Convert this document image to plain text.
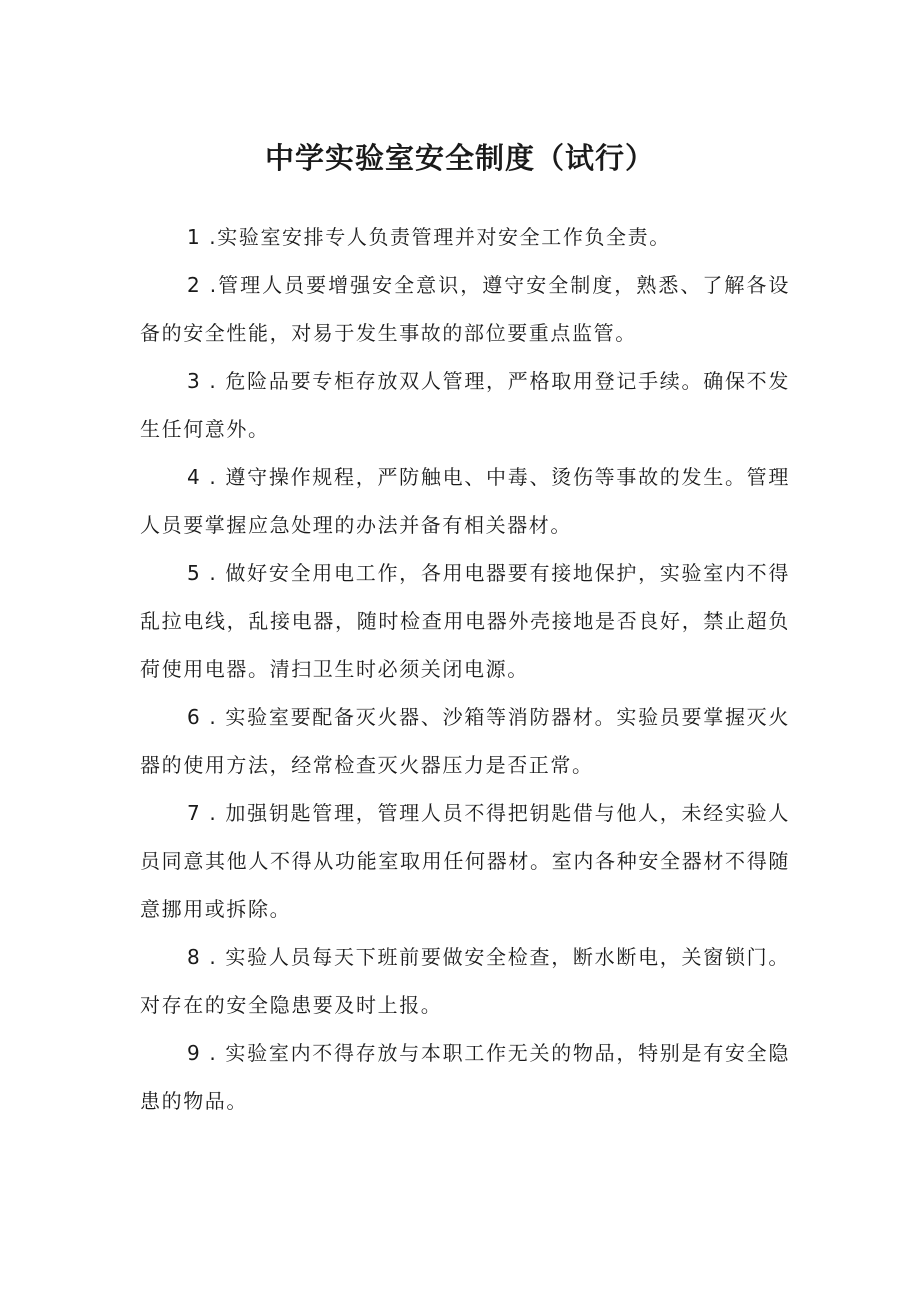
中学实验室安全制度（试行）

1 .实验室安排专人负责管理并对安全工作负全责。

2 .管理人员要增强安全意识，遵守安全制度，熟悉、了解各设备的安全性能，对易于发生事故的部位要重点监管。

3 . 危险品要专柜存放双人管理，严格取用登记手续。确保不发生任何意外。

4 . 遵守操作规程，严防触电、中毒、烫伤等事故的发生。管理人员要掌握应急处理的办法并备有相关器材。

5 . 做好安全用电工作，各用电器要有接地保护，实验室内不得乱拉电线，乱接电器，随时检查用电器外壳接地是否良好，禁止超负荷使用电器。清扫卫生时必须关闭电源。

6 . 实验室要配备灭火器、沙箱等消防器材。实验员要掌握灭火器的使用方法，经常检查灭火器压力是否正常。

7 . 加强钥匙管理，管理人员不得把钥匙借与他人，未经实验人员同意其他人不得从功能室取用任何器材。室内各种安全器材不得随意挪用或拆除。

8 . 实验人员每天下班前要做安全检查，断水断电，关窗锁门。对存在的安全隐患要及时上报。

9 . 实验室内不得存放与本职工作无关的物品，特别是有安全隐患的物品。
